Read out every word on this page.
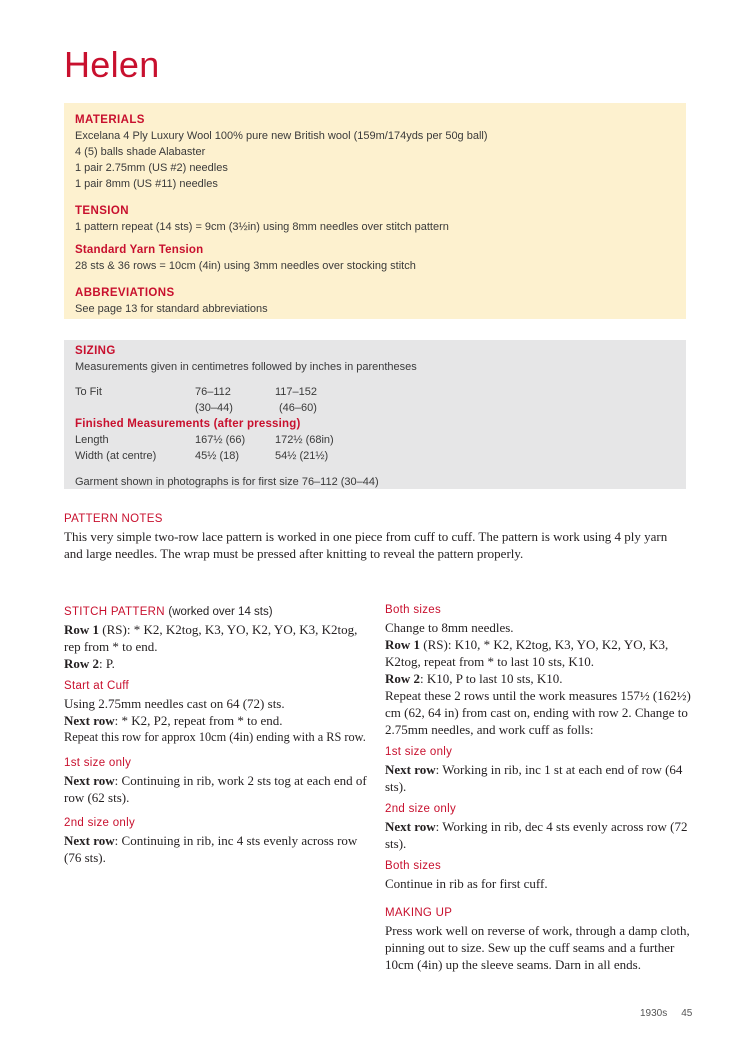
Helen
MATERIALS
Excelana 4 Ply Luxury Wool 100% pure new British wool (159m/174yds per 50g ball)
4 (5) balls shade Alabaster
1 pair 2.75mm (US #2) needles
1 pair 8mm (US #11) needles
TENSION
1 pattern repeat (14 sts) = 9cm (3½in) using 8mm needles over stitch pattern
Standard Yarn Tension
28 sts & 36 rows = 10cm (4in) using 3mm needles over stocking stitch
ABBREVIATIONS
See page 13 for standard abbreviations
SIZING
Measurements given in centimetres followed by inches in parentheses
To Fit	76–112	117–152
(30–44)	(46–60)
Finished Measurements (after pressing)
Length	167½ (66)	172½ (68in)
Width (at centre)	45½ (18)	54½ (21½)
Garment shown in photographs is for first size 76–112 (30–44)
PATTERN NOTES

This very simple two-row lace pattern is worked in one piece from cuff to cuff. The pattern is work using 4 ply yarn and large needles. The wrap must be pressed after knitting to reveal the pattern properly.

STITCH PATTERN (worked over 14 sts)

Row 1 (RS): * K2, K2tog, K3, YO, K2, YO, K3, K2tog, rep from * to end.

Row 2: P.

Start at Cuff

Using 2.75mm needles cast on 64 (72) sts.

Next row: * K2, P2, repeat from * to end.

Repeat this row for approx 10cm (4in) ending with a RS row.

1st size only

Next row: Continuing in rib, work 2 sts tog at each end of row (62 sts).

2nd size only

Next row: Continuing in rib, inc 4 sts evenly across row (76 sts).

Both sizes

Change to 8mm needles.

Row 1 (RS): K10, * K2, K2tog, K3, YO, K2, YO, K3, K2tog, repeat from * to last 10 sts, K10.

Row 2: K10, P to last 10 sts, K10.

Repeat these 2 rows until the work measures 157½ (162½) cm (62, 64 in) from cast on, ending with row 2. Change to 2.75mm needles, and work cuff as folls:

1st size only

Next row: Working in rib, inc 1 st at each end of row (64 sts).

2nd size only

Next row: Working in rib, dec 4 sts evenly across row (72 sts).

Both sizes

Continue in rib as for first cuff.

MAKING UP

Press work well on reverse of work, through a damp cloth, pinning out to size. Sew up the cuff seams and a further 10cm (4in) up the sleeve seams. Darn in all ends.

1930s 45
